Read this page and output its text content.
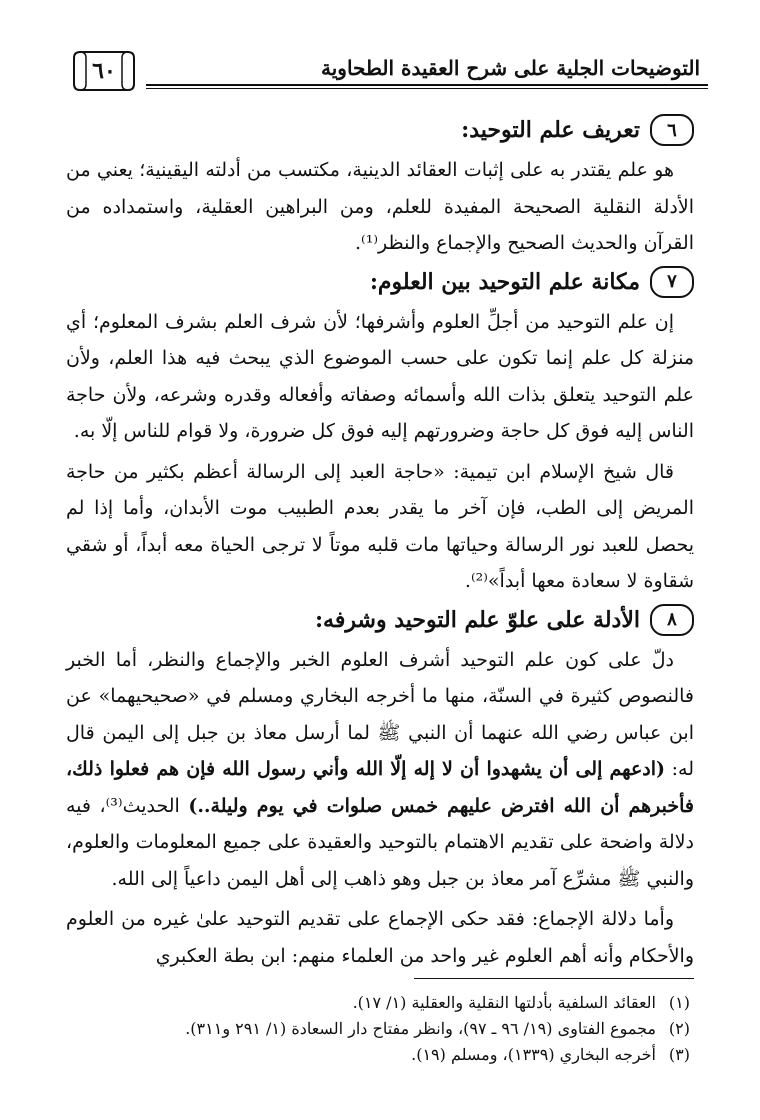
التوضيحات الجلية على شرح العقيدة الطحاوية
٦٠
٦
تعريف علم التوحيد:

هو علم يقتدر به على إثبات العقائد الدينية، مكتسب من أدلته اليقينية؛ يعني من الأدلة النقلية الصحيحة المفيدة للعلم، ومن البراهين العقلية، واستمداده من القرآن والحديث الصحيح والإجماع والنظر⁽¹⁾.

٧
مكانة علم التوحيد بين العلوم:

إن علم التوحيد من أجلِّ العلوم وأشرفها؛ لأن شرف العلم بشرف المعلوم؛ أي منزلة كل علم إنما تكون على حسب الموضوع الذي يبحث فيه هذا العلم، ولأن علم التوحيد يتعلق بذات الله وأسمائه وصفاته وأفعاله وقدره وشرعه، ولأن حاجة الناس إليه فوق كل حاجة وضرورتهم إليه فوق كل ضرورة، ولا قوام للناس إلّا به.

قال شيخ الإسلام ابن تيمية: «حاجة العبد إلى الرسالة أعظم بكثير من حاجة المريض إلى الطب، فإن آخر ما يقدر بعدم الطبيب موت الأبدان، وأما إذا لم يحصل للعبد نور الرسالة وحياتها مات قلبه موتاً لا ترجى الحياة معه أبداً، أو شقي شقاوة لا سعادة معها أبداً»⁽²⁾.

٨
الأدلة على علوّ علم التوحيد وشرفه:

دلّ على كون علم التوحيد أشرف العلوم الخبر والإجماع والنظر، أما الخبر فالنصوص كثيرة في السنّة، منها ما أخرجه البخاري ومسلم في «صحيحيهما» عن ابن عباس رضي الله عنهما أن النبي ﷺ لما أرسل معاذ بن جبل إلى اليمن قال له: (ادعهم إلى أن يشهدوا أن لا إله إلّا الله وأني رسول الله فإن هم فعلوا ذلك، فأخبرهم أن الله افترض عليهم خمس صلوات في يوم وليلة..) الحديث⁽³⁾، فيه دلالة واضحة على تقديم الاهتمام بالتوحيد والعقيدة على جميع المعلومات والعلوم، والنبي ﷺ مشرِّع آمر معاذ بن جبل وهو ذاهب إلى أهل اليمن داعياً إلى الله.

وأما دلالة الإجماع: فقد حكى الإجماع على تقديم التوحيد علىٰ غيره من العلوم والأحكام وأنه أهم العلوم غير واحد من العلماء منهم: ابن بطة العكبري

(١)
العقائد السلفية بأدلتها النقلية والعقلية (١/ ١٧).

(٢)
مجموع الفتاوى (١٩/ ٩٦ ـ ٩٧)، وانظر مفتاح دار السعادة (١/ ٢٩١ و٣١١).

(٣)
أخرجه البخاري (١٣٣٩)، ومسلم (١٩).
